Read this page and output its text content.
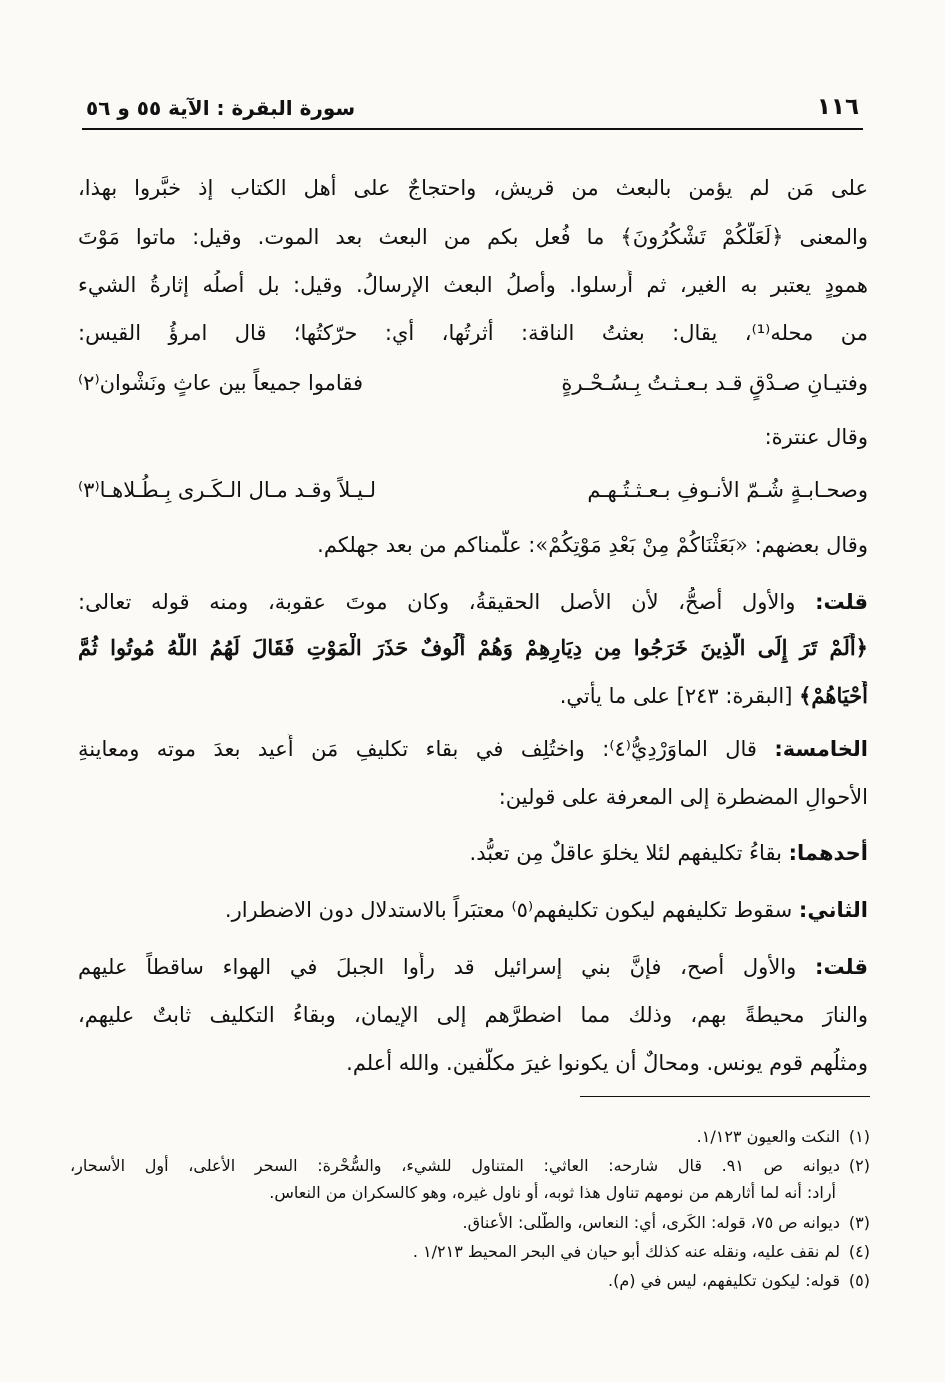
١١٦
سورة البقرة : الآية ٥٥ و ٥٦
على مَن لم يؤمن بالبعث من قريش، واحتجاجٌ على أهل الكتاب إذ خبَّروا بهذا،
والمعنى ﴿لَعَلَّكُمْ تَشْكُرُونَ﴾ ما فُعل بكم من البعث بعد الموت. وقيل: ماتوا مَوْتَ
همودٍ يعتبر به الغير، ثم أُرسلوا. وأصلُ البعث الإرسالُ. وقيل: بل أصلُه إثارةُ الشيء
من محله⁽¹⁾، يقال: بعثتُ الناقة: أثرتُها، أي: حرّكتُها؛ قال امرؤُ القيس:
وفتيـانِ صـدْقٍ قـد بـعـثـتُ بِـسُـحْـرةٍ
فقاموا جميعاً بين عاثٍ ونَشْوان⁽٢⁾
وقال عنترة:
وصحـابـةٍ شُـمّ الأنـوفِ بـعـثـتُـهـم
لـيـلاً وقـد مـال الـكَـرى بِـطُـلاهـا⁽٣⁾
وقال بعضهم: «بَعَثْنَاكُمْ مِنْ بَعْدِ مَوْتِكُمْ»: علَّمناكم من بعد جهلكم.
قلت: والأول أصحُّ، لأن الأصل الحقيقةُ، وكان موتَ عقوبة، ومنه قوله تعالى:
﴿أَلَمْ تَرَ إِلَى الَّذِينَ خَرَجُوا مِن دِيَارِهِمْ وَهُمْ أُلُوفٌ حَذَرَ الْمَوْتِ فَقَالَ لَهُمُ اللَّهُ مُوتُوا ثُمَّ
أَحْيَاهُمْ﴾ [البقرة: ٢٤٣] على ما يأتي.
الخامسة: قال الماوَرْدِيُّ⁽٤⁾: واختُلِف في بقاء تكليفِ مَن أُعيد بعدَ موته ومعاينةِ
الأحوالِ المضطرة إلى المعرفة على قولين:
أحدهما: بقاءُ تكليفهم لئلا يخلوَ عاقلٌ مِن تعبُّد.
الثاني: سقوط تكليفهم ليكون تكليفهم⁽٥⁾ معتبَراً بالاستدلال دون الاضطرار.
قلت: والأول أصح، فإنَّ بني إسرائيل قد رأَوا الجبلَ في الهواء ساقطاً عليهم
والنارَ محيطةً بهم، وذلك مما اضطرَّهم إلى الإيمان، وبقاءُ التكليف ثابتٌ عليهم،
ومثلُهم قوم يونس. ومحالٌ أن يكونوا غيرَ مكلَّفين. والله أعلم.
(١)النكت والعيون ١/١٢٣.
(٢)ديوانه ص ٩١. قال شارحه: العاثي: المتناول للشيء، والسُّحْرة: السحر الأعلى، أول الأسحار،
أراد: أنه لما أثارهم من نومهم تناول هذا ثوبه، أو ناول غيره، وهو كالسكران من النعاس.
(٣)ديوانه ص ٧٥، قوله: الكَرى، أي: النعاس، والطُّلى: الأعناق.
(٤)لم نقف عليه، ونقله عنه كذلك أبو حيان في البحر المحيط ١/٢١٣ .
(٥)قوله: ليكون تكليفهم، ليس في (م).
